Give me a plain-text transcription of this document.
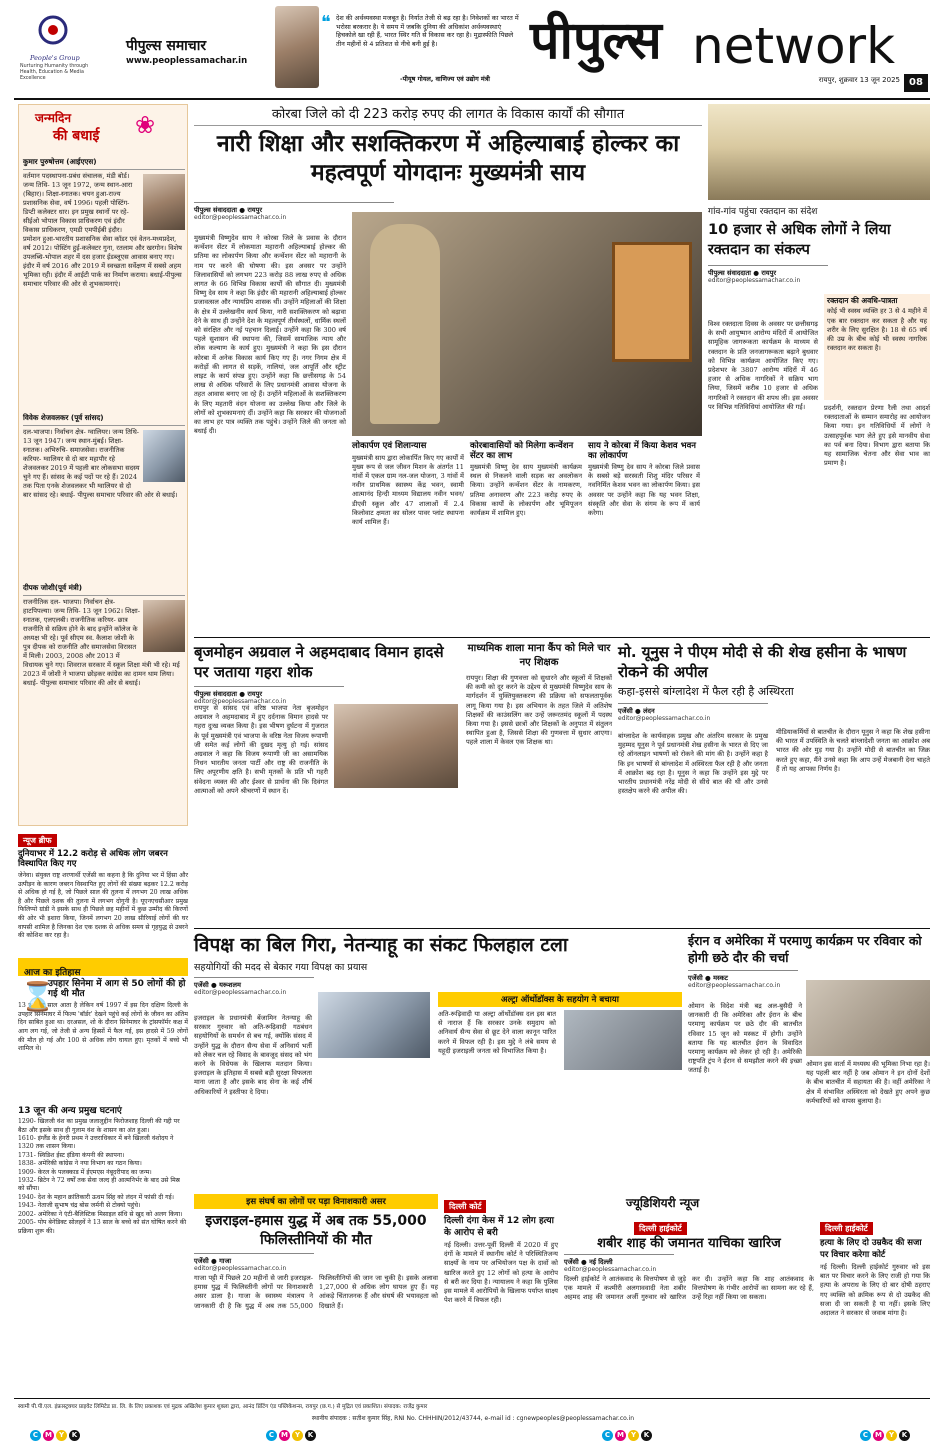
People's Group
Nurturing Humanity through Health, Education & Media Excellence
पीपुल्स समाचार
www.peoplessamachar.in
❝ देश की अर्थव्यवस्था मजबूत है। निर्यात तेजी से बढ़ रहा है। निवेशकों का भारत में भरोसा बरकरार है। ये समय में जबकि दुनिया की अधिकांश अर्थव्यवस्थाएं हिचकोले खा रही हैं, भारत स्थिर गति से विकास कर रहा है। मुद्रास्फीति पिछले तीन महीनों से 4 प्रतिशत से नीचे बनी हुई है।
-पीयूष गोयल, वाणिज्य एवं उद्योग मंत्री
पीपुल्स network
रायपुर, शुक्रवार 13 जून 2025 08
जन्मदिन
की बधाई	❀
कुमार पुरुषोत्तम (आईएएस)
वर्तमान पदस्थापना-प्रबंध संचालक, मंडी बोर्ड। जन्म तिथि- 13 जून 1972, जन्म स्थान-आरा (बिहार)। शिक्षा-स्नातक। चयन हुआ-राज्य प्रशासनिक सेवा, वर्ष 1996। पहली पोस्टिंग- डिप्टी कलेक्टर धार। इन प्रमुख स्थानों पर रहे- सीईओ भोपाल विकास प्राधिकरण एवं इंदौर विकास प्राधिकरण, एमडी एमपीईबी इंदौर। प्रमोशन हुआ-भारतीय प्रशासनिक सेवा कॉडर एवं वेतन-मध्यप्रदेश, वर्ष 2012। पोस्टिंग हुई-कलेक्टर गुना, रतलाम और खरगोन। विशेष उपलब्धि-भोपाल शहर में दस हजार ईडब्लूएस आवास बनाए गए। इंदौर में वर्ष 2016 और 2019 में स्वच्छता सर्वेक्षण में सबसे अहम भूमिका रही। इंदौर में आईटी पार्क का निर्माण कराया। बधाई-पीपुल्स समाचार परिवार की ओर से शुभकामनाएं।
विवेक शेजवलकर (पूर्व सांसद)
दल-भाजपा। निर्वाचन क्षेत्र- ग्वालियर। जन्म तिथि- 13 जून 1947। जन्म स्थान-मुंबई। शिक्षा- स्नातक। अभिरुचि- समाजसेवा। राजनीतिक करियर- ग्वालियर से दो बार महापौर रहे शेजवलकर 2019 में पहली बार लोकसभा सदस्य चुने गए हैं। सांसद के कई पदों पर रहे हैं। 2024 तक पिता एनके शेजवलकर भी ग्वालियर से दो बार सांसद रहे। बधाई- पीपुल्स समाचार परिवार की ओर से बधाई।
दीपक जोशी(पूर्व मंत्री)
राजनीतिक दल- भाजपा। निर्वाचन क्षेत्र-हाटपिपल्या। जन्म तिथि- 13 जून 1962। शिक्षा- स्नातक, एलएलबी। राजनीतिक करियर- छात्र राजनीति से सक्रिय होने के बाद इन्होंने कॉलेज के अध्यक्ष भी रहे। पूर्व सीएम स्व. कैलाश जोशी के पुत्र दीपक को राजनीति और समाजसेवा विरासत में मिली। 2003, 2008 और 2013 में विधायक चुने गए। शिवराज सरकार में स्कूल शिक्षा मंत्री भी रहे। मई 2023 में जोशी ने भाजपा छोड़कर कांग्रेस का दामन थाम लिया। बधाई- पीपुल्स समाचार परिवार की ओर से बधाई।
न्यूज ब्रीफ
दुनियाभर में 12.2 करोड़ से अधिक लोग जबरन विस्थापित किए गए
जेनेवा। संयुक्त राष्ट्र शरणार्थी एजेंसी का कहना है कि दुनिया भर में हिंसा और उत्पीड़न के कारण जबरन विस्थापित हुए लोगों की संख्या बढ़कर 12.2 करोड़ से अधिक हो गई है, जो पिछले साल की तुलना में लगभग 20 लाख अधिक है और पिछले दशक की तुलना में लगभग दोगुनी है। यूएनएचसीआर प्रमुख फिलिप्पो ग्रांडी ने इसके साथ ही पिछले छह महीनों में कुछ उम्मीद की किरणों की ओर भी इशारा किया, जिनमें लगभग 20 लाख सीरियाई लोगों की घर वापसी शामिल है जिनका देश एक दशक से अधिक समय से गृहयुद्ध से उबरने की कोशिश कर रहा है।
आज का इतिहास
⌛
उपहार सिनेमा में आग से 50 लोगों की हो गई थी मौत
13 जून हर साल आता है लेकिन वर्ष 1997 में इस दिन दक्षिण दिल्ली के उपहार सिनेमाघर में फिल्म 'बॉर्डर' देखने पहुंचे कई लोगों के जीवन का अंतिम दिन साबित हुआ था। दरअसल, शो के दौरान सिनेमाघर के ट्रांसफॉर्मर कक्ष में आग लग गई, जो तेजी से अन्य हिस्सों में फैल गई, इस हादसे में 59 लोगों की मौत हो गई और 100 से अधिक लोग घायल हुए। मृतकों में बच्चे भी शामिल थे।
13 जून की अन्य प्रमुख घटनाएं
1290- खिलजी वंश का प्रमुख जलालुद्दीन फिरोजशाह दिल्ली की गद्दी पर बैठा और इसके साथ ही गुलाम वंश के शासन का अंत हुआ।
1610- इंग्लैंड के हेनरी प्रथम ने उत्तराधिकार में बने खिलजी वंशोदय ने 1320 तक शासन किया।
1731- स्विडिश ईस्ट इंडिया कंपनी की स्थापना।
1838- अमेरिकी कांग्रेस ने नया विभाग का गठन किया।
1909- केरल के पलक्काड में ईएमएस नंबूदरीपाद का जन्म।
1932- ब्रिटेन ने 72 वर्षों तक सेवा जल्द ही आत्मनिर्भर के बाद उसे मिस्र को सौंपा।
1940- देश के महान क्रांतिकारी ऊधम सिंह को लंदन में फांसी दी गई।
1943- नेताजी सुभाष चंद्र बोस जर्मनी से टोक्यो पहुंचे।
2002- अमेरिका ने एंटी-बैलिस्टिक मिसाइल संधि से खुद को अलग किया।
2005- पोप बेनेडिक्ट सोलहवें ने 13 साल के बच्चे को संत घोषित करने की प्रक्रिया शुरू की।
कोरबा जिले को दी 223 करोड़ रुपए की लागत के विकास कार्यों की सौगात
नारी शिक्षा और सशक्तिकरण में अहिल्याबाई होल्कर का महत्वपूर्ण योगदानः मुख्यमंत्री साय
पीपुल्स संवाददाता ● रायपुर
editor@peoplessamachar.co.in
मुख्यमंत्री विष्णुदेव साय ने कोरबा जिले के प्रवास के दौरान कन्वेंशन सेंटर में लोकमाता महारानी अहिल्याबाई होल्कर की प्रतिमा का लोकार्पण किया और कन्वेंशन सेंटर को महारानी के नाम पर करने की घोषणा की। इस अवसर पर उन्होंने जिलावासियों को लगभग 223 करोड़ 88 लाख रुपए से अधिक लागत के 66 विभिन्न विकास कार्यों की सौगात दी। मुख्यमंत्री विष्णु देव साय ने कहा कि इंदौर की महारानी अहिल्याबाई होल्कर प्रजावत्सल और न्यायप्रिय शासक थीं। उन्होंने महिलाओं की शिक्षा के क्षेत्र में उल्लेखनीय कार्य किया, नारी सशक्तिकरण को बढ़ावा देने के साथ ही उन्होंने देश के महत्वपूर्ण तीर्थस्थलों, धार्मिक स्थलों को संरक्षित और नई पहचान दिलाई। उन्होंने कहा कि 300 वर्ष पहले सुशासन की स्थापना की, जिसमें सामाजिक न्याय और लोक कल्याण के कार्य हुए। मुख्यमंत्री ने कहा कि इस दौरान कोरबा में अनेक विकास कार्य किए गए हैं। नगर निगम क्षेत्र में करोड़ों की लागत से सड़कें, नालियां, जल आपूर्ति और स्ट्रीट लाइट के कार्य संपन्न हुए। उन्होंने कहा कि छत्तीसगढ़ के 54 लाख से अधिक परिवारों के लिए प्रधानमंत्री आवास योजना के तहत आवास बनाए जा रहे हैं। उन्होंने महिलाओं के सशक्तिकरण के लिए महतारी वंदन योजना का उल्लेख किया और जिले के लोगों को शुभकामनाएं दीं। उन्होंने कहा कि सरकार की योजनाओं का लाभ हर पात्र व्यक्ति तक पहुंचे। उन्होंने जिले की जनता को बधाई दी।
लोकार्पण एवं शिलान्यास
मुख्यमंत्री साय द्वारा लोकार्पित किए गए कार्यों में मुख्य रूप से जल जीवन मिशन के अंतर्गत 11 गांवों में एकल ग्राम नल-जल योजना, 3 गांवों में नवीन प्राथमिक स्वास्थ्य केंद्र भवन, स्वामी आत्मानंद हिन्दी माध्यम विद्यालय नवीन भवन/डीएवी स्कूल और 47 शालाओं में 2.4 किलोवाट क्षमता का सोलर पावर प्लांट स्थापना कार्य शामिल हैं।
कोरबावासियों को मिलेगा कन्वेंशन सेंटर का लाभ
मुख्यमंत्री विष्णु देव साय मुख्यमंत्री कार्यक्रम स्थल से निकलने वाली सड़क का अवलोकन किया। उन्होंने कन्वेंशन सेंटर के नामकरण, प्रतिमा अनावरण और 223 करोड़ रुपए के विकास कार्यों के लोकार्पण और भूमिपूजन कार्यक्रम में शामिल हुए।
साय ने कोरबा में किया केशव भवन का लोकार्पण
मुख्यमंत्री विष्णु देव साय ने कोरबा जिले प्रवास के सबसे बड़े सरस्वती शिशु मंदिर परिसर में नवनिर्मित केशव भवन का लोकार्पण किया। इस अवसर पर उन्होंने कहा कि यह भवन शिक्षा, संस्कृति और सेवा के संगम के रूप में कार्य करेगा।
गांव-गांव पहुंचा रक्तदान का संदेश
10 हजार से अधिक लोगों ने लिया रक्तदान का संकल्प
पीपुल्स संवाददाता ● रायपुर
editor@peoplessamachar.co.in
विश्व रक्तदाता दिवस के अवसर पर छत्तीसगढ़ के सभी आयुष्मान आरोग्य मंदिरों में आयोजित सामूहिक जागरूकता कार्यक्रम के माध्यम से रक्तदान के प्रति जनजागरूकता बढ़ाने बुधवार को विभिन्न कार्यक्रम आयोजित किए गए। प्रदेशभर के 3807 आरोग्य मंदिरों में 46 हजार से अधिक नागरिकों ने सक्रिय भाग लिया, जिसमें करीब 10 हजार से अधिक नागरिकों ने रक्तदान की शपथ ली। इस अवसर पर विभिन्न गतिविधियां आयोजित की गईं।
रक्तदान की अवधि-पात्रता
कोई भी स्वस्थ व्यक्ति हर 3 से 4 महीने में एक बार रक्तदान कर सकता है और यह शरीर के लिए सुरक्षित है। 18 से 65 वर्ष की उम्र के बीच कोई भी स्वस्थ नागरिक रक्तदान कर सकता है।
प्रदर्शनी, रक्तदान प्रेरणा रैली तथा आदर्श रक्तदाताओं के सम्मान समारोह का आयोजन किया गया। इन गतिविधियों में लोगों ने उत्साहपूर्वक भाग लेते हुए इसे मानवीय सेवा का पर्व बना दिया। विभाग द्वारा बताया कि यह सामाजिक चेतना और सेवा भाव का प्रमाण है।
बृजमोहन अग्रवाल ने अहमदाबाद विमान हादसे पर जताया गहरा शोक
पीपुल्स संवाददाता ● रायपुर
editor@peoplessamachar.co.in
रायपुर से सांसद एवं वरिष्ठ भाजपा नेता बृजमोहन अग्रवाल ने अहमदाबाद में हुए दर्दनाक विमान हादसे पर गहरा दुःख व्यक्त किया है। इस भीषण दुर्घटना में गुजरात के पूर्व मुख्यमंत्री एवं भाजपा के वरिष्ठ नेता विजय रूपाणी जी समेत कई लोगों की दुखद मृत्यु हो गई। सांसद अग्रवाल ने कहा कि विजय रूपाणी जी का असामयिक निधन भारतीय जनता पार्टी और राष्ट्र की राजनीति के लिए अपूरणीय क्षति है। सभी मृतकों के प्रति भी गहरी संवेदना व्यक्त की और ईश्वर से प्रार्थना की कि दिवंगत आत्माओं को अपने श्रीचरणों में स्थान दें।
माध्यमिक शाला माना कैंप को मिले चार नए शिक्षक
रायपुर। शिक्षा की गुणवत्ता को सुधारने और स्कूलों में शिक्षकों की कमी को दूर करने के उद्देश्य से मुख्यमंत्री विष्णुदेव साय के मार्गदर्शन में युक्तियुक्तकरण की प्रक्रिया को सफलतापूर्वक लागू किया गया है। इस अभियान के तहत जिले में अतिशेष शिक्षकों की काउंसलिंग कर उन्हें जरूरतमंद स्कूलों में पदस्थ किया गया है। इससे छात्रों और शिक्षकों के अनुपात में संतुलन स्थापित हुआ है, जिससे शिक्षा की गुणवत्ता में सुधार आएगा। पहले शाला में केवल एक शिक्षक था।
मो. यूनुस ने पीएम मोदी से की शेख हसीना के भाषण रोकने की अपील
कहा-इससे बांग्लादेश में फैल रही है अस्थिरता
एजेंसी ● लंदन
editor@peoplessamachar.co.in
बांग्लादेश के कार्यवाहक प्रमुख और अंतरिम सरकार के प्रमुख मुहम्मद यूनुस ने पूर्व प्रधानमंत्री शेख हसीना के भारत से दिए जा रहे ऑनलाइन भाषणों को रोकने की मांग की है। उन्होंने कहा है कि इन भाषणों से बांग्लादेश में अस्थिरता फैल रही है और जनता में आक्रोश बढ़ रहा है। यूनुस ने कहा कि उन्होंने इस मुद्दे पर भारतीय प्रधानमंत्री नरेंद्र मोदी से सीधे बात की थी और उनसे हस्तक्षेप करने की अपील की।
मीडियाकर्मियों से बातचीत के दौरान यूनुस ने कहा कि शेख हसीना की भारत में उपस्थिति के चलते बांग्लादेशी जनता का आक्रोश अब भारत की ओर मुड़ गया है। उन्होंने मोदी से बातचीत का जिक्र करते हुए कहा, मैंने उनसे कहा कि आप उन्हें मेजबानी देना चाहते हैं तो यह आपका निर्णय है।
विपक्ष का बिल गिरा, नेतन्याहू का संकट फिलहाल टला
सहयोगियों की मदद से बेकार गया विपक्ष का प्रयास
एजेंसी ● यरूशलम
editor@peoplessamachar.co.in
अल्ट्रा ऑर्थोडॉक्स के सहयोग ने बचाया
इजराइल के प्रधानमंत्री बेंजामिन नेतन्याहू की सरकार गुरुवार को अति-रूढ़िवादी गठबंधन सहयोगियों के समर्थन से बच गई, क्योंकि संसद में उन्होंने युद्ध के दौरान सैन्य सेवा में अनिवार्य भर्ती को लेकर चल रहे विवाद के बावजूद संसद को भंग करने के विधेयक के खिलाफ मतदान किया। इजराइल के इतिहास में सबसे बड़ी सुरक्षा विफलता माना जाता है और इसके बाद सेना के कई शीर्ष अधिकारियों ने इस्तीफा दे दिया।
अति-रूढ़िवादी या अल्ट्रा ऑर्थोडॉक्स दल इस बात से नाराज हैं कि सरकार उनके समुदाय को अनिवार्य सैन्य सेवा से छूट देने वाला कानून पारित करने में विफल रही है। इस मुद्दे ने लंबे समय से यहूदी इजराइली जनता को विभाजित किया है।
ईरान व अमेरिका में परमाणु कार्यक्रम पर रविवार को होगी छठे दौर की चर्चा
एजेंसी ● मस्कट
editor@peoplessamachar.co.in
ओमान के विदेश मंत्री बद्र अल-बुसैदी ने जानकारी दी कि अमेरिका और ईरान के बीच परमाणु कार्यक्रम पर छठे दौर की बातचीत रविवार 15 जून को मस्कट में होगी। उन्होंने बताया कि यह बातचीत ईरान के विवादित परमाणु कार्यक्रम को लेकर हो रही है। अमेरिकी राष्ट्रपति ट्रंप ने ईरान से समझौता करने की इच्छा जताई है।
ओमान इस वार्ता में मध्यस्थ की भूमिका निभा रहा है। यह पहली बार नहीं है जब ओमान ने इन दोनों देशों के बीच बातचीत में सहायता की है। वहीं अमेरिका ने क्षेत्र में संभावित अस्थिरता को देखते हुए अपने कुछ कर्मचारियों को वापस बुलाया है।
इस संघर्ष का लोगों पर पड़ा विनाशकारी असर
इजराइल-हमास युद्ध में अब तक 55,000 फिलिस्तीनियों की मौत
एजेंसी ● गाजा
editor@peoplessamachar.co.in
गाजा पट्टी में पिछले 20 महीनों से जारी इजराइल-हमास युद्ध में फिलिस्तीनी लोगों पर विनाशकारी असर डाला है। गाजा के स्वास्थ्य मंत्रालय ने जानकारी दी है कि युद्ध में अब तक 55,000 फिलिस्तीनियों की जान जा चुकी है। इसके अलावा 1,27,000 से अधिक लोग घायल हुए हैं। यह आंकड़े चिंताजनक हैं और संघर्ष की भयावहता को दिखाते हैं।
ज्यूडिशियरी न्यूज
दिल्ली कोर्ट
दिल्ली दंगा केस में 12 लोग हत्या के आरोप से बरी
नई दिल्ली। उत्तर-पूर्वी दिल्ली में 2020 में हुए दंगों के मामले में स्थानीय कोर्ट ने परिस्थितिजन्य साक्ष्यों के नाम पर अभियोजन पक्ष के दावों को खारिज करते हुए 12 लोगों को हत्या के आरोप से बरी कर दिया है। न्यायालय ने कहा कि पुलिस इस मामले में आरोपियों के खिलाफ पर्याप्त साक्ष्य पेश करने में विफल रही।
दिल्ली हाईकोर्ट
शबीर शाह की जमानत याचिका खारिज
एजेंसी ● नई दिल्ली
editor@peoplessamachar.co.in
दिल्ली हाईकोर्ट ने आतंकवाद के वित्तपोषण से जुड़े एक मामले में कश्मीरी अलगाववादी नेता शबीर अहमद शाह की जमानत अर्जी गुरुवार को खारिज कर दी। उन्होंने कहा कि शाह आतंकवाद के वित्तपोषण के गंभीर आरोपों का सामना कर रहे हैं, उन्हें रिहा नहीं किया जा सकता।
दिल्ली हाईकोर्ट
हत्या के लिए दो उम्रकैद की सजा पर विचार करेगा कोर्ट
नई दिल्ली। दिल्ली हाईकोर्ट गुरुवार को इस बात पर विचार करने के लिए राजी हो गया कि हत्या के अपराध के लिए दो बार दोषी ठहराए गए व्यक्ति को क्रमिक रूप से दो उम्रकैद की सजा दी जा सकती है या नहीं। इसके लिए अदालत ने सरकार से जवाब मांगा है।
स्वामी पी.पी.एल. इंफ्रास्ट्रक्चर प्राइवेट लिमिटेड प्रा. लि. के लिए प्रकाशक एवं मुद्रक अखिलेश कुमार शुक्ला द्वारा, आनंद प्रिंटिंग एंड पब्लिकेशन्स, रायपुर (छ.ग.) से मुद्रित एवं प्रकाशित। संपादक: राजेंद्र कुमार
स्थानीय संपादक : सतीश कुमार सिंह, RNI No. CHHHIN/2012/43744, e-mail id : cgnewpeoples@peoplessamachar.co.in
C M Y	K	C M Y	K	C M Y	K	C M Y	K
